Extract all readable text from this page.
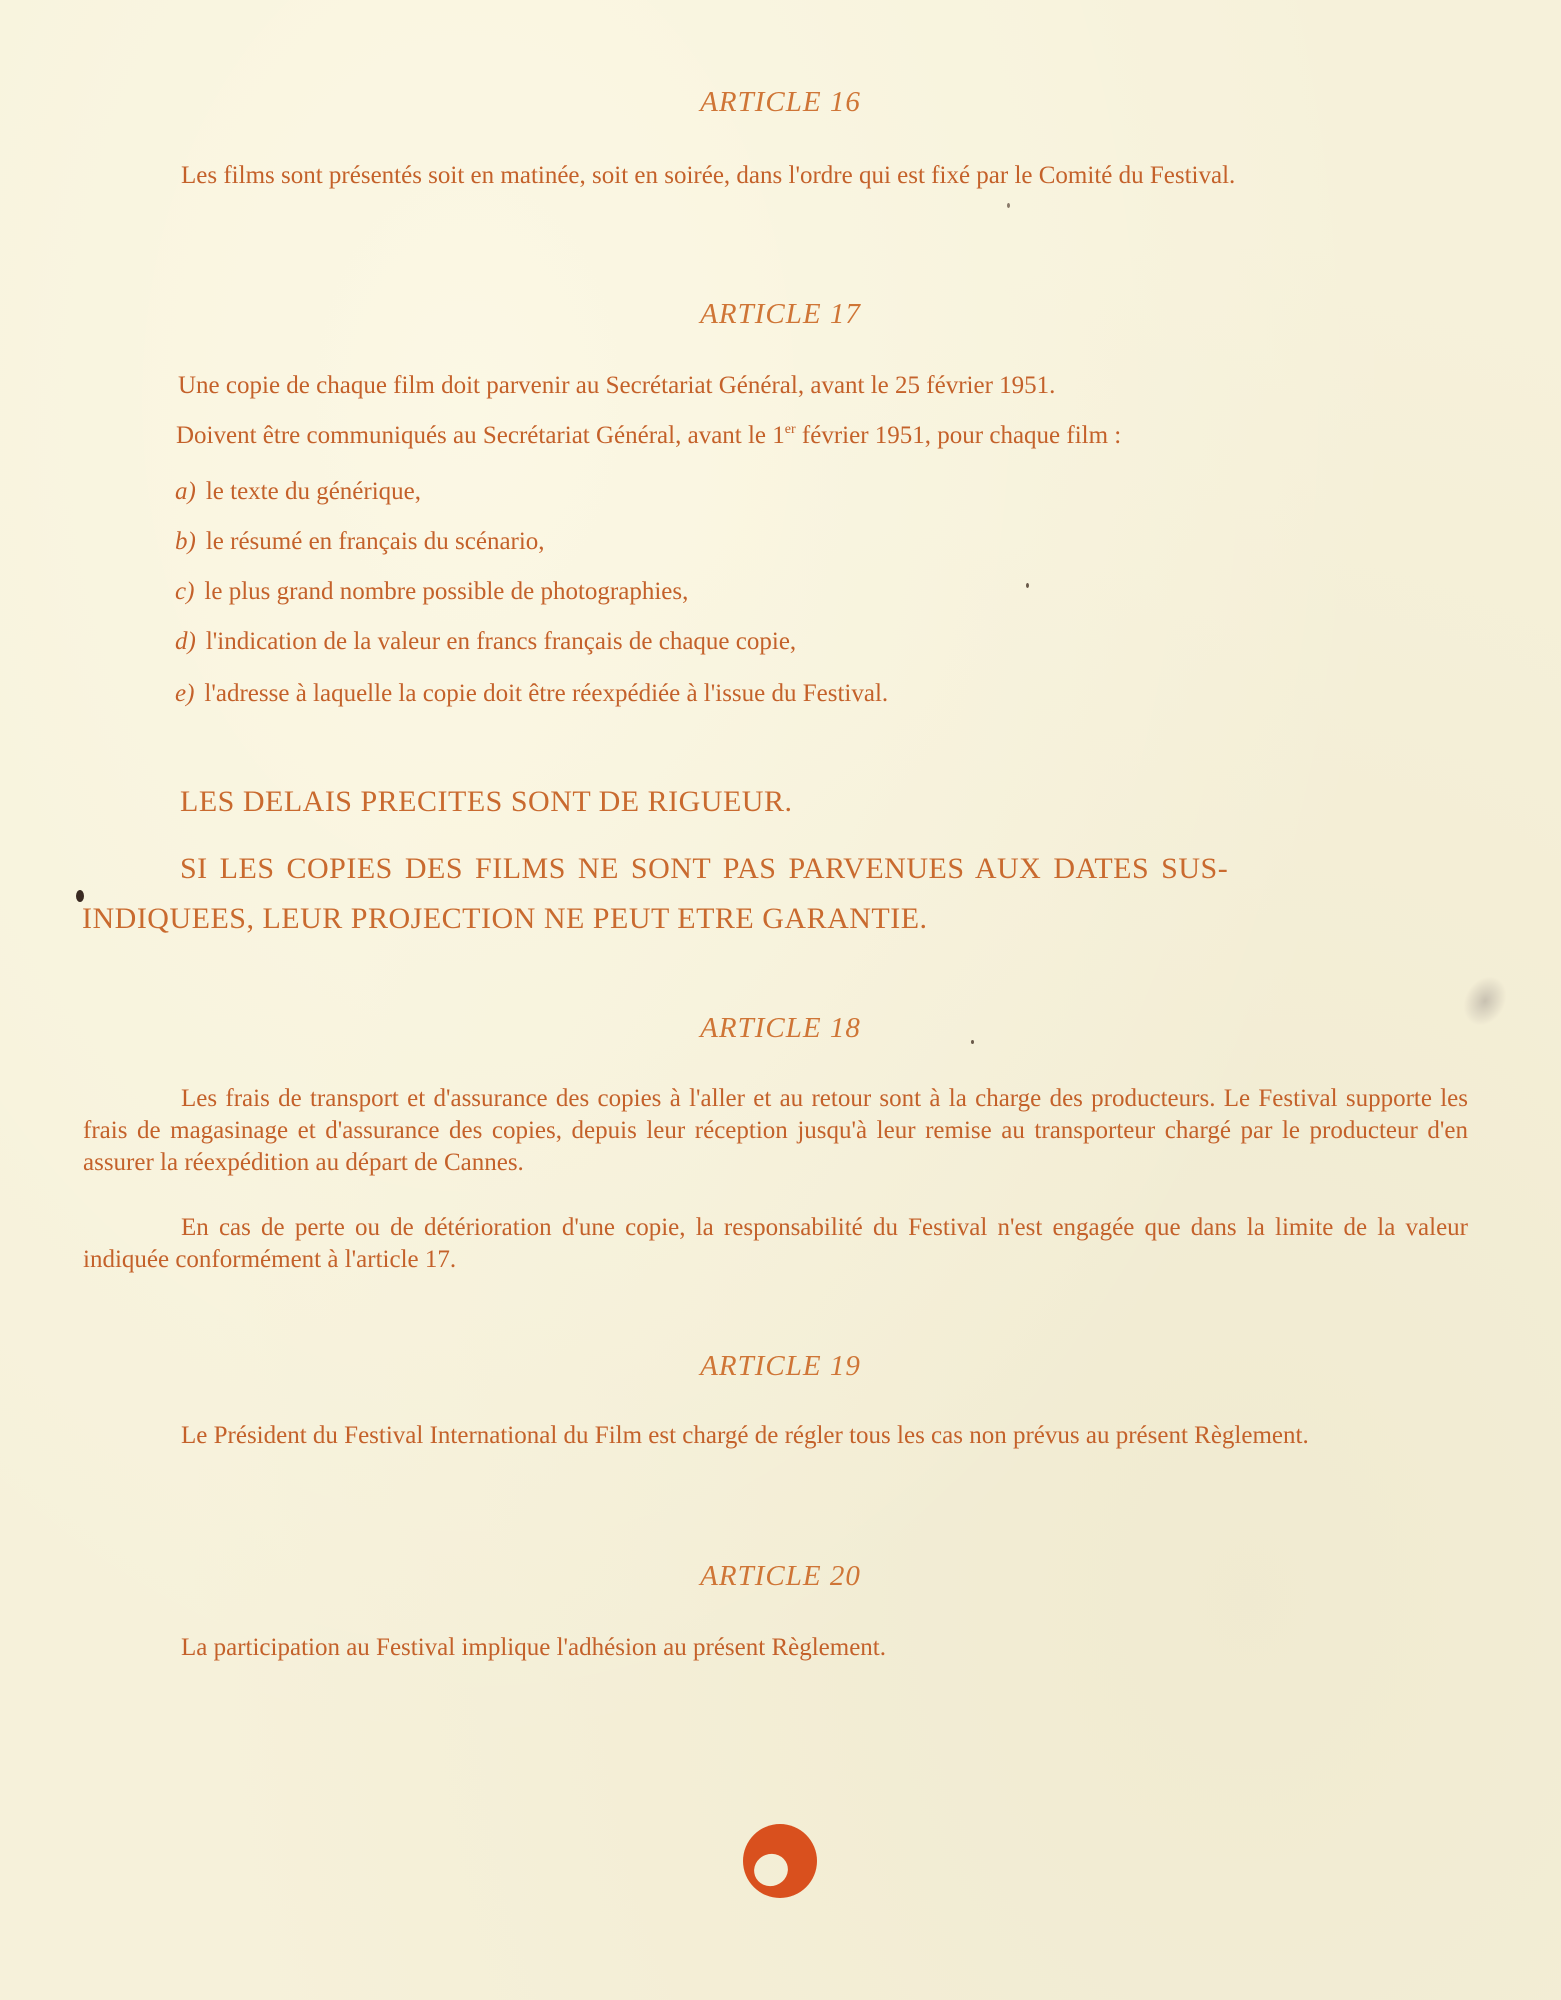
ARTICLE 16

Les films sont présentés soit en matinée, soit en soirée, dans l'ordre qui est fixé par le Comité du Festival.

ARTICLE 17
Une copie de chaque film doit parvenir au Secrétariat Général, avant le 25 février 1951.
Doivent être communiqués au Secrétariat Général, avant le 1er février 1951, pour chaque film :
a) le texte du générique,
b) le résumé en français du scénario,
c) le plus grand nombre possible de photographies,
d) l'indication de la valeur en francs français de chaque copie,
e) l'adresse à laquelle la copie doit être réexpédiée à l'issue du Festival.
LES DELAIS PRECITES SONT DE RIGUEUR.
SI LES COPIES DES FILMS NE SONT PAS PARVENUES AUX DATES SUS-
INDIQUEES, LEUR PROJECTION NE PEUT ETRE GARANTIE.
ARTICLE 18

Les frais de transport et d'assurance des copies à l'aller et au retour sont à la charge des producteurs. Le Festival supporte les frais de magasinage et d'assurance des copies, depuis leur réception jusqu'à leur remise au transporteur chargé par le producteur d'en assurer la réexpédition au départ de Cannes.

En cas de perte ou de détérioration d'une copie, la responsabilité du Festival n'est engagée que dans la limite de la valeur indiquée conformément à l'article 17.

ARTICLE 19

Le Président du Festival International du Film est chargé de régler tous les cas non prévus au présent Règlement.

ARTICLE 20

La participation au Festival implique l'adhésion au présent Règlement.
